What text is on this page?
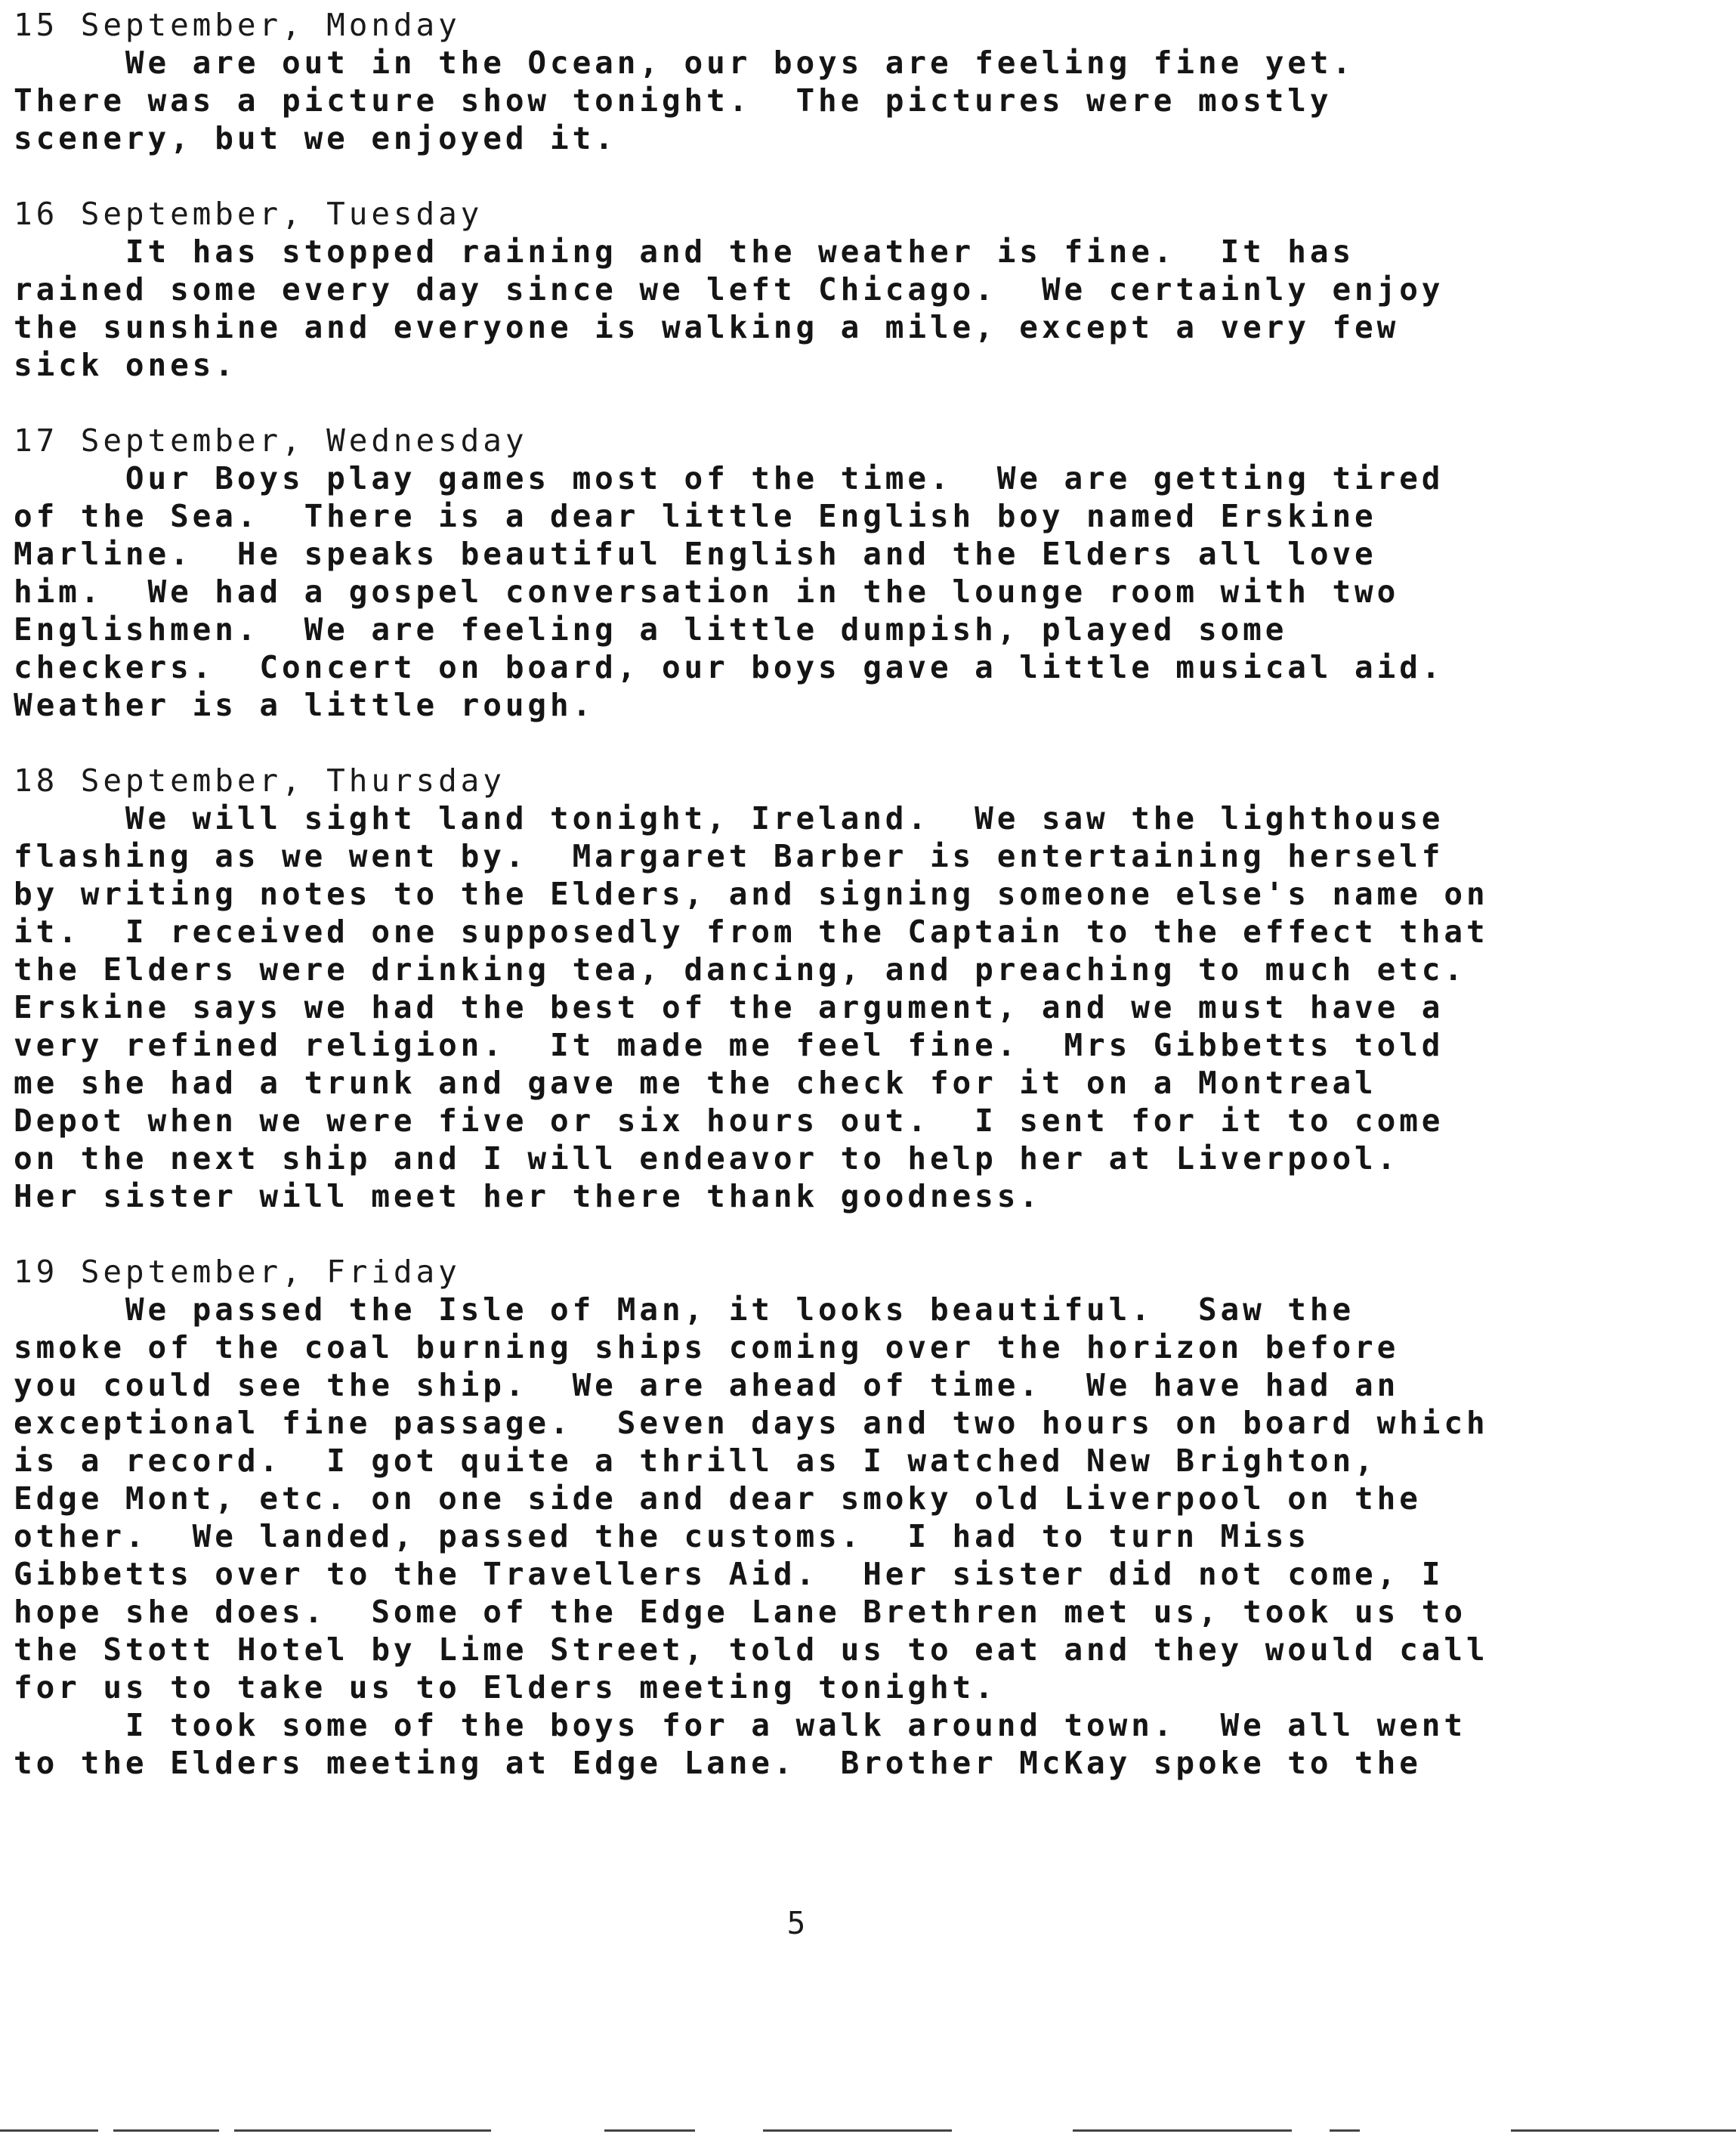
15 September, Monday
We are out in the Ocean, our boys are feeling fine yet.
There was a picture show tonight.  The pictures were mostly
scenery, but we enjoyed it.
16 September, Tuesday
It has stopped raining and the weather is fine.  It has
rained some every day since we left Chicago.  We certainly enjoy
the sunshine and everyone is walking a mile, except a very few
sick ones.
17 September, Wednesday
Our Boys play games most of the time.  We are getting tired
of the Sea.  There is a dear little English boy named Erskine
Marline.  He speaks beautiful English and the Elders all love
him.  We had a gospel conversation in the lounge room with two
Englishmen.  We are feeling a little dumpish, played some
checkers.  Concert on board, our boys gave a little musical aid.
Weather is a little rough.
18 September, Thursday
We will sight land tonight, Ireland.  We saw the lighthouse
flashing as we went by.  Margaret Barber is entertaining herself
by writing notes to the Elders, and signing someone else's name on
it.  I received one supposedly from the Captain to the effect that
the Elders were drinking tea, dancing, and preaching to much etc.
Erskine says we had the best of the argument, and we must have a
very refined religion.  It made me feel fine.  Mrs Gibbetts told
me she had a trunk and gave me the check for it on a Montreal
Depot when we were five or six hours out.  I sent for it to come
on the next ship and I will endeavor to help her at Liverpool.
Her sister will meet her there thank goodness.
19 September, Friday
We passed the Isle of Man, it looks beautiful.  Saw the
smoke of the coal burning ships coming over the horizon before
you could see the ship.  We are ahead of time.  We have had an
exceptional fine passage.  Seven days and two hours on board which
is a record.  I got quite a thrill as I watched New Brighton,
Edge Mont, etc. on one side and dear smoky old Liverpool on the
other.  We landed, passed the customs.  I had to turn Miss
Gibbetts over to the Travellers Aid.  Her sister did not come, I
hope she does.  Some of the Edge Lane Brethren met us, took us to
the Stott Hotel by Lime Street, told us to eat and they would call
for us to take us to Elders meeting tonight.
I took some of the boys for a walk around town.  We all went
to the Elders meeting at Edge Lane.  Brother McKay spoke to the
5
